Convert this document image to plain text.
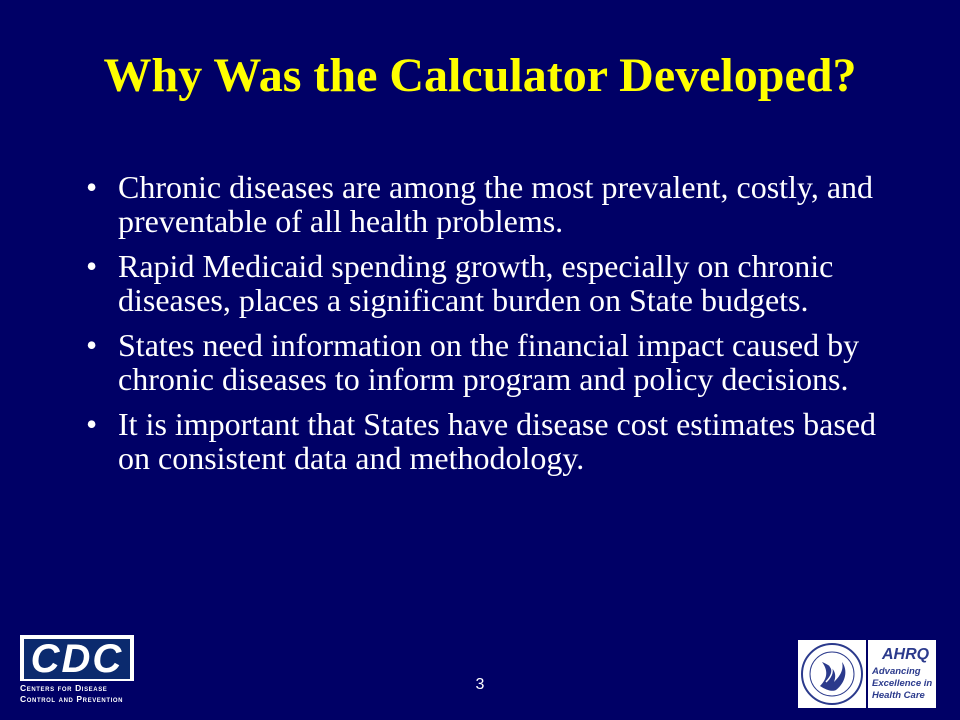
Why Was the Calculator Developed?
• Chronic diseases are among the most prevalent, costly, and preventable of all health problems.
• Rapid Medicaid spending growth, especially on chronic diseases, places a significant burden on State budgets.
• States need information on the financial impact caused by chronic diseases to inform program and policy decisions.
• It is important that States have disease cost estimates based on consistent data and methodology.
3
CDC
Centers for Disease
Control and Prevention
AHRQ
Advancing
Excellence in
Health Care
